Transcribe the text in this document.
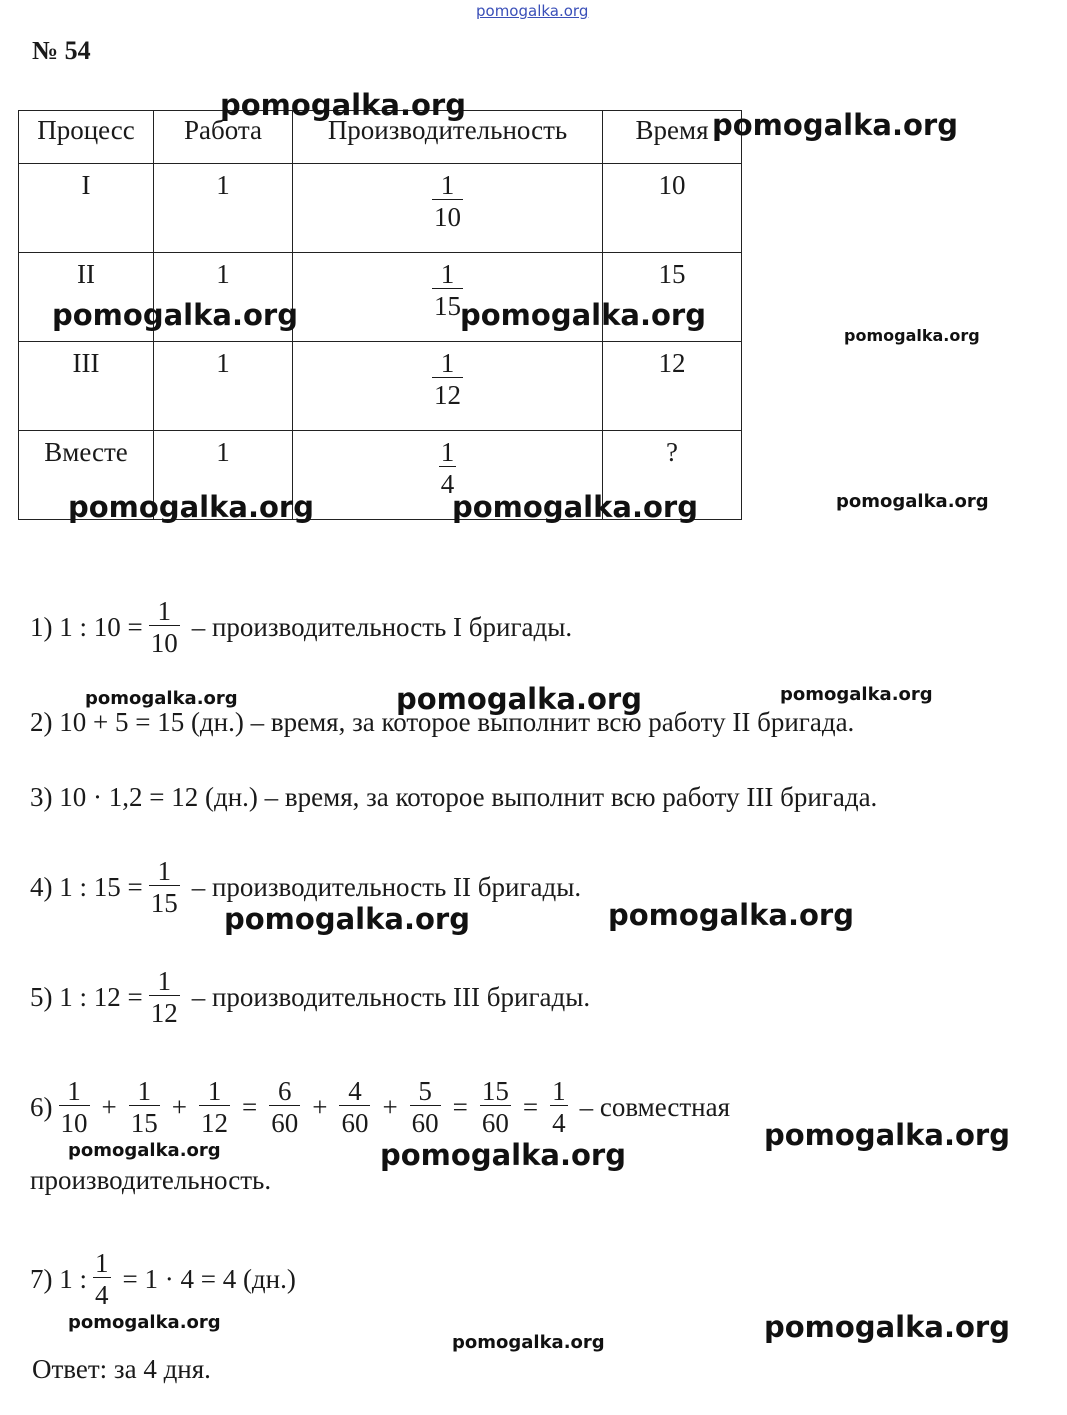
pomogalka.org
№ 54
Процесс	Работа	Производительность	Время
I	1	$\frac{1}{10}$	10
II	1	$\frac{1}{15}$	15
III	1	$\frac{1}{12}$	12
Вместе	1	$\frac{1}{4}$	?
1) 1 : $10 = \frac{1}{10}$ – производительность I бригады.
2) 10 + 5 = 15 (дн.) – время, за которое выполнит всю работу II бригада.
3) 10 · 1,2 = 12 (дн.) – время, за которое выполнит всю работу III бригада.
4) 1 : $15 = \frac{1}{15}$ – производительность II бригады.
5) 1 : $12 = \frac{1}{12}$ – производительность III бригады.
$6) \frac{1}{10} + \frac{1}{15} + \frac{1}{12} = \frac{6}{60} + \frac{4}{60} + \frac{5}{60} = \frac{15}{60} = \frac{1}{4}$ – совместная
производительность.
7) 1 : $\frac{1}{4} = 1 \cdot 4 = 4$ (дн.)
Ответ: за 4 дня.
pomogalka.org
pomogalka.org
pomogalka.org	pomogalka.org
pomogalka.org
pomogalka.org	pomogalka.org	pomogalka.org
pomogalka.org	pomogalka.org	pomogalka.org
pomogalka.org	pomogalka.org
pomogalka.org
pomogalka.org	pomogalka.org
pomogalka.org
pomogalka.org	pomogalka.org
